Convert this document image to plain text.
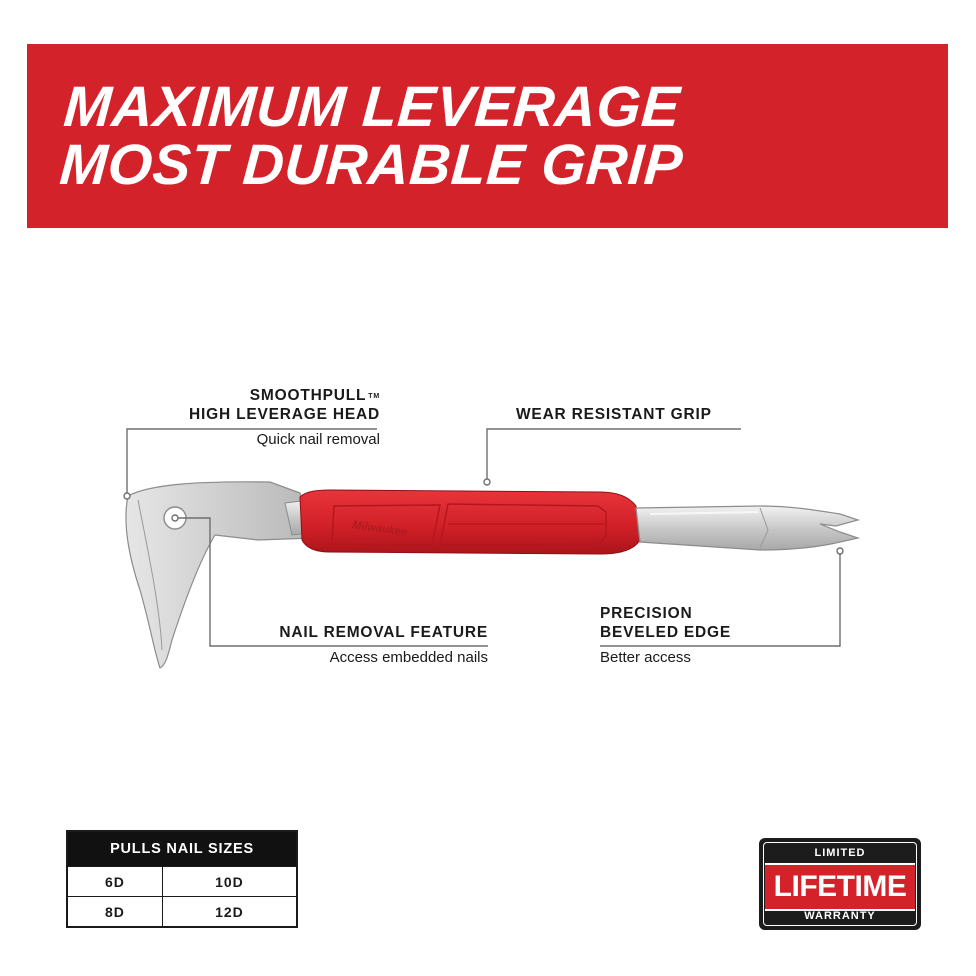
MAXIMUM LEVERAGE
MOST DURABLE GRIP
Milwaukee
SMOOTHPULL ™
HIGH LEVERAGE HEAD
Quick nail removal
WEAR RESISTANT GRIP
NAIL REMOVAL FEATURE
Access embedded nails
PRECISION
BEVELED EDGE
Better access
PULLS NAIL SIZES	
6D	10D
8D	12D
LIMITED
LIFETIME
WARRANTY
